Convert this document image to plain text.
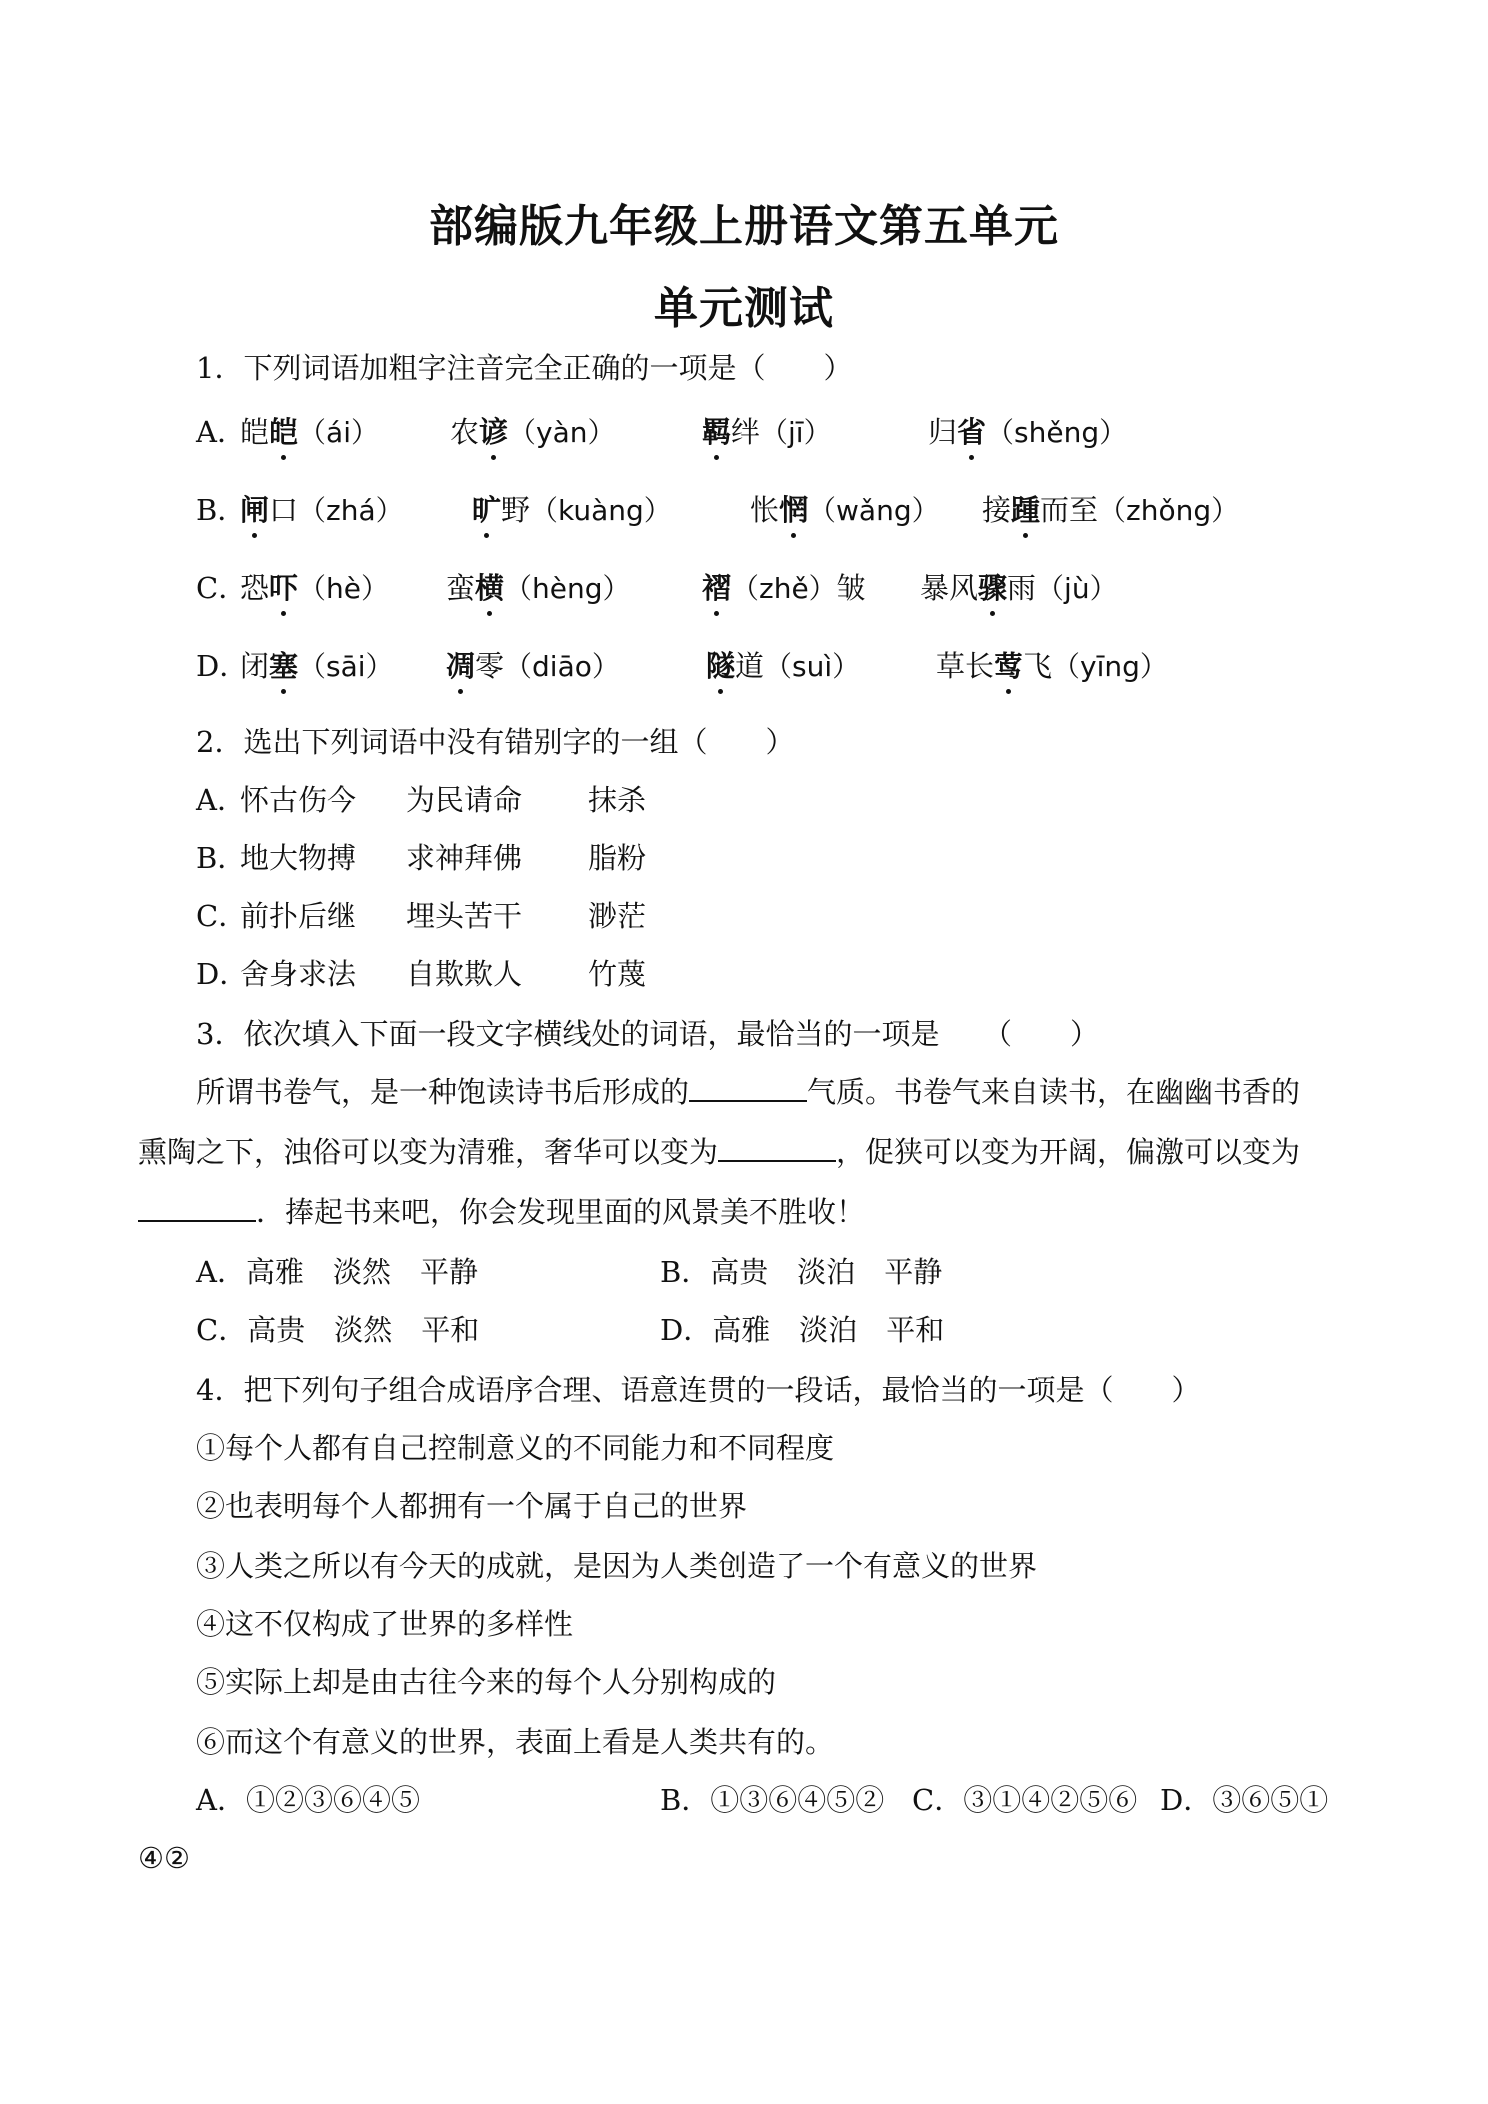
部编版九年级上册语文第五单元
单元测试
1．下列词语加粗字注音完全正确的一项是（　　）
A．
皑皑（ái） 农谚（yàn）	羁绊（jī）	归省（shěng）
B．
闸口（zhá） 旷野（kuàng）	怅惘（wǎng） 接踵而至（zhǒng）
C．
恐吓（hè） 蛮横（hèng） 褶（zhě）皱 暴风骤雨（jù）
D．
闭塞（sāi） 凋零（diāo）	隧道（suì）	草长莺飞（yīng）
2．选出下列词语中没有错别字的一组（　　）
A．
怀古伤今 为民请命 抹杀
B．
地大物搏 求神拜佛 脂粉
C．
前扑后继 埋头苦干 渺茫
D．
舍身求法 自欺欺人 竹蔑
3．依次填入下面一段文字横线处的词语，最恰当的一项是　　（　　）
所谓书卷气，是一种饱读诗书后形成的	气质。书卷气来自读书，在幽幽书香的
熏陶之下，浊俗可以变为清雅，奢华可以变为	，促狭可以变为开阔，偏激可以变为
．捧起书来吧，你会发现里面的风景美不胜收！
A．高雅　淡然　平静	B．高贵　淡泊　平静
C．高贵　淡然　平和	D．高雅　淡泊　平和
4．把下列句子组合成语序合理、语意连贯的一段话，最恰当的一项是（　　）
①每个人都有自己控制意义的不同能力和不同程度
②也表明每个人都拥有一个属于自己的世界
③人类之所以有今天的成就，是因为人类创造了一个有意义的世界
④这不仅构成了世界的多样性
⑤实际上却是由古往今来的每个人分别构成的
⑥而这个有意义的世界，表面上看是人类共有的。
A．①②③⑥④⑤	B．①③⑥④⑤② C．③①④②⑤⑥ D．③⑥⑤①
④②
